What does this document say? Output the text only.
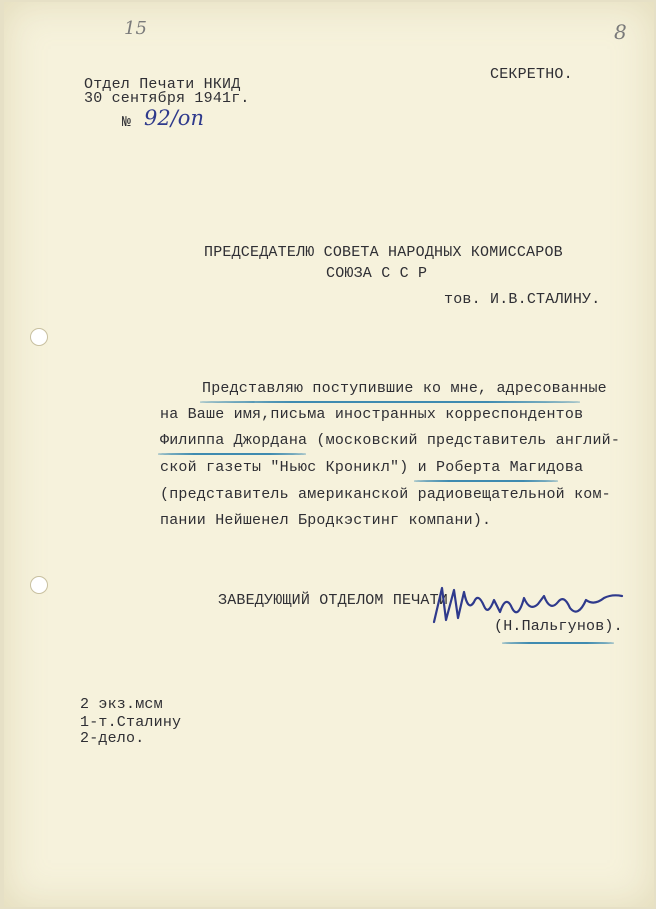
15	8
Отдел Печати НКИД
30 сентября 1941г.
№ 92/оп
СЕКРЕТНО.
ПРЕДСЕДАТЕЛЮ СОВЕТА НАРОДНЫХ КОМИССАРОВ
СОЮЗА С С Р
тов. И.В.СТАЛИНУ.
Представляю поступившие ко мне, адресованные
на Ваше имя,письма иностранных корреспондентов
Филиппа Джордана (московский представитель англий-
ской газеты "Ньюс Кроникл") и Роберта Магидова
(представитель американской радиовещательной ком-
пании Нейшенел Бродкэстинг компани).
ЗАВЕДУЮЩИЙ ОТДЕЛОМ ПЕЧАТИ
(Н.Пальгунов).
2 экз.мсм
1-т.Сталину
2-дело.
